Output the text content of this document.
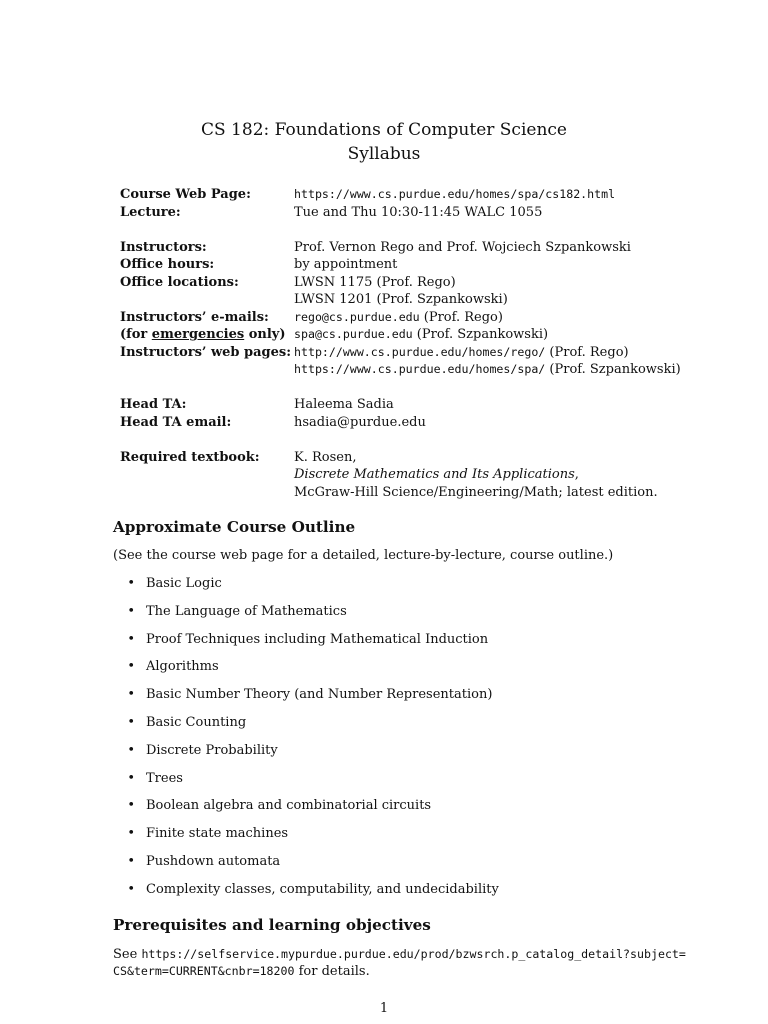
CS 182: Foundations of Computer Science
Syllabus
Course Web Page:	https://www.cs.purdue.edu/homes/spa/cs182.html
Lecture:	Tue and Thu 10:30-11:45 WALC 1055
Instructors:	Prof. Vernon Rego and Prof. Wojciech Szpankowski
Office hours:	by appointment
Office locations:	LWSN 1175 (Prof. Rego)
LWSN 1201 (Prof. Szpankowski)
Instructors’ e-mails:	rego@cs.purdue.edu (Prof. Rego)
(for emergencies only) spa@cs.purdue.edu (Prof. Szpankowski)
Instructors’ web pages: http://www.cs.purdue.edu/homes/rego/ (Prof. Rego)
https://www.cs.purdue.edu/homes/spa/ (Prof. Szpankowski)
Head TA:	Haleema Sadia
Head TA email:	hsadia@purdue.edu
Required textbook:	K. Rosen,
Discrete Mathematics and Its Applications,
McGraw-Hill Science/Engineering/Math; latest edition.
Approximate Course Outline
(See the course web page for a detailed, lecture-by-lecture, course outline.)
• Basic Logic
• The Language of Mathematics
• Proof Techniques including Mathematical Induction
• Algorithms
• Basic Number Theory (and Number Representation)
• Basic Counting
• Discrete Probability
• Trees
• Boolean algebra and combinatorial circuits
• Finite state machines
• Pushdown automata
• Complexity classes, computability, and undecidability
Prerequisites and learning objectives
See https://selfservice.mypurdue.purdue.edu/prod/bzwsrch.p_catalog_detail?subject=
CS&term=CURRENT&cnbr=18200 for details.
1
